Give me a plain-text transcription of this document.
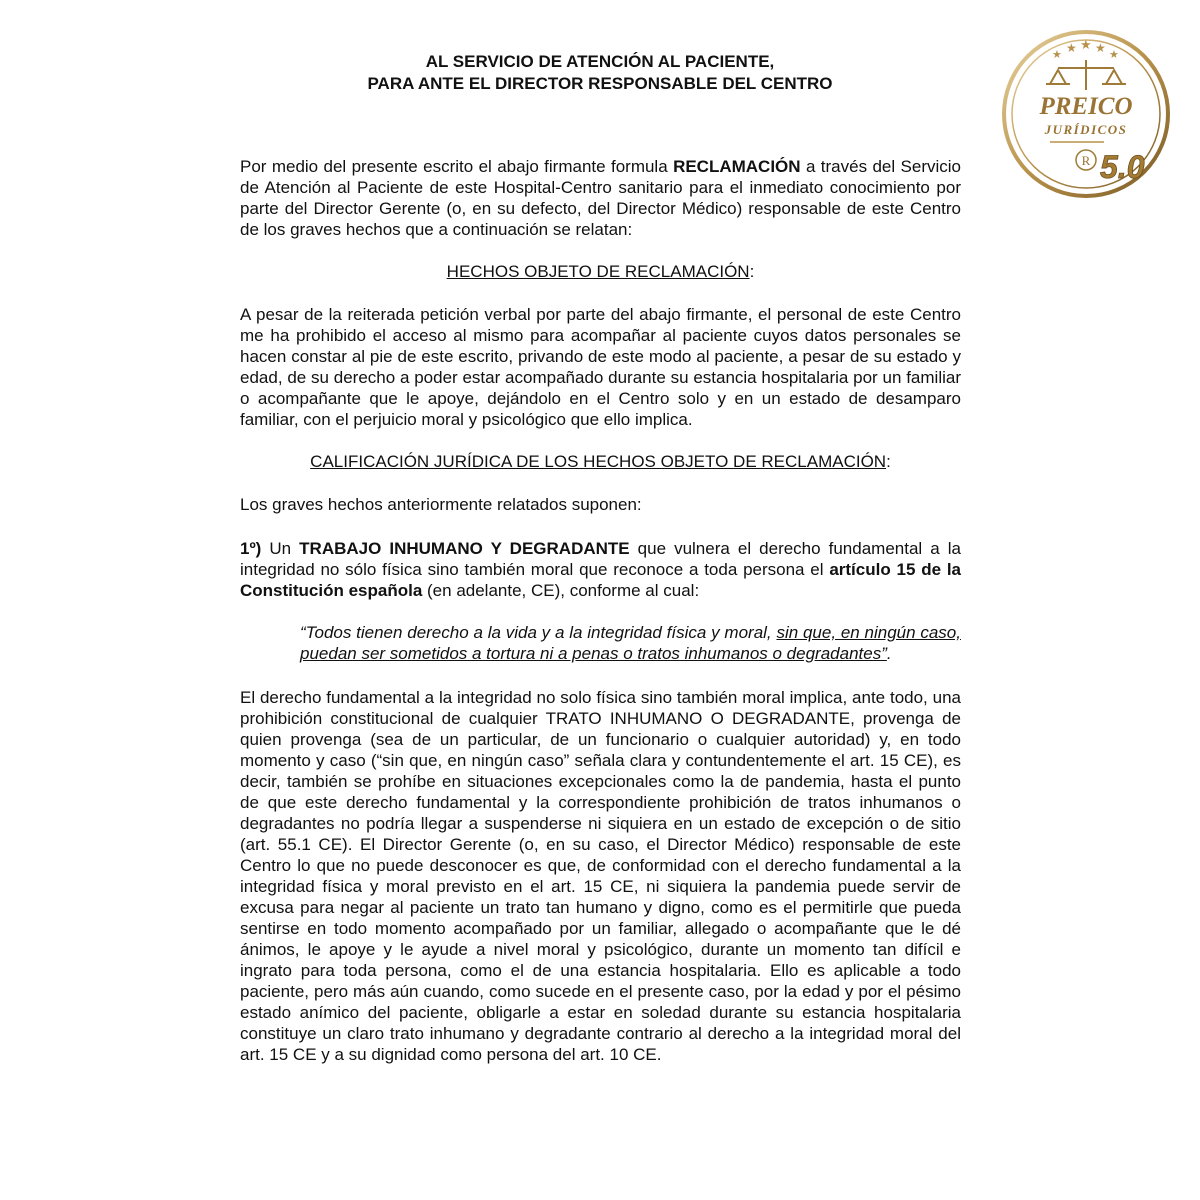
AL SERVICIO DE ATENCIÓN AL PACIENTE,
PARA ANTE EL DIRECTOR RESPONSABLE DEL CENTRO
★ ★ ★ ★ ★
PREICO
JURÍDICOS
R 5.0

Por medio del presente escrito el abajo firmante formula RECLAMACIÓN a través del Servicio de Atención al Paciente de este Hospital-Centro sanitario para el inmediato conocimiento por parte del Director Gerente (o, en su defecto, del Director Médico) responsable de este Centro de los graves hechos que a continuación se relatan:

HECHOS OBJETO DE RECLAMACIÓN:

A pesar de la reiterada petición verbal por parte del abajo firmante, el personal de este Centro me ha prohibido el acceso al mismo para acompañar al paciente cuyos datos personales se hacen constar al pie de este escrito, privando de este modo al paciente, a pesar de su estado y edad, de su derecho a poder estar acompañado durante su estancia hospitalaria por un familiar o acompañante que le apoye, dejándolo en el Centro solo y en un estado de desamparo familiar, con el perjuicio moral y psicológico que ello implica.

CALIFICACIÓN JURÍDICA DE LOS HECHOS OBJETO DE RECLAMACIÓN:

Los graves hechos anteriormente relatados suponen:

1º) Un TRABAJO INHUMANO Y DEGRADANTE que vulnera el derecho fundamental a la integridad no sólo física sino también moral que reconoce a toda persona el artículo 15 de la Constitución española (en adelante, CE), conforme al cual:

“Todos tienen derecho a la vida y a la integridad física y moral, sin que, en ningún caso, puedan ser sometidos a tortura ni a penas o tratos inhumanos o degradantes”.

El derecho fundamental a la integridad no solo física sino también moral implica, ante todo, una prohibición constitucional de cualquier TRATO INHUMANO O DEGRADANTE, provenga de quien provenga (sea de un particular, de un funcionario o cualquier autoridad) y, en todo momento y caso (“sin que, en ningún caso” señala clara y contundentemente el art. 15 CE), es decir, también se prohíbe en situaciones excepcionales como la de pandemia, hasta el punto de que este derecho fundamental y la correspondiente prohibición de tratos inhumanos o degradantes no podría llegar a suspenderse ni siquiera en un estado de excepción o de sitio (art. 55.1 CE). El Director Gerente (o, en su caso, el Director Médico) responsable de este Centro lo que no puede desconocer es que, de conformidad con el derecho fundamental a la integridad física y moral previsto en el art. 15 CE, ni siquiera la pandemia puede servir de excusa para negar al paciente un trato tan humano y digno, como es el permitirle que pueda sentirse en todo momento acompañado por un familiar, allegado o acompañante que le dé ánimos, le apoye y le ayude a nivel moral y psicológico, durante un momento tan difícil e ingrato para toda persona, como el de una estancia hospitalaria. Ello es aplicable a todo paciente, pero más aún cuando, como sucede en el presente caso, por la edad y por el pésimo estado anímico del paciente, obligarle a estar en soledad durante su estancia hospitalaria constituye un claro trato inhumano y degradante contrario al derecho a la integridad moral del art. 15 CE y a su dignidad como persona del art. 10 CE.
